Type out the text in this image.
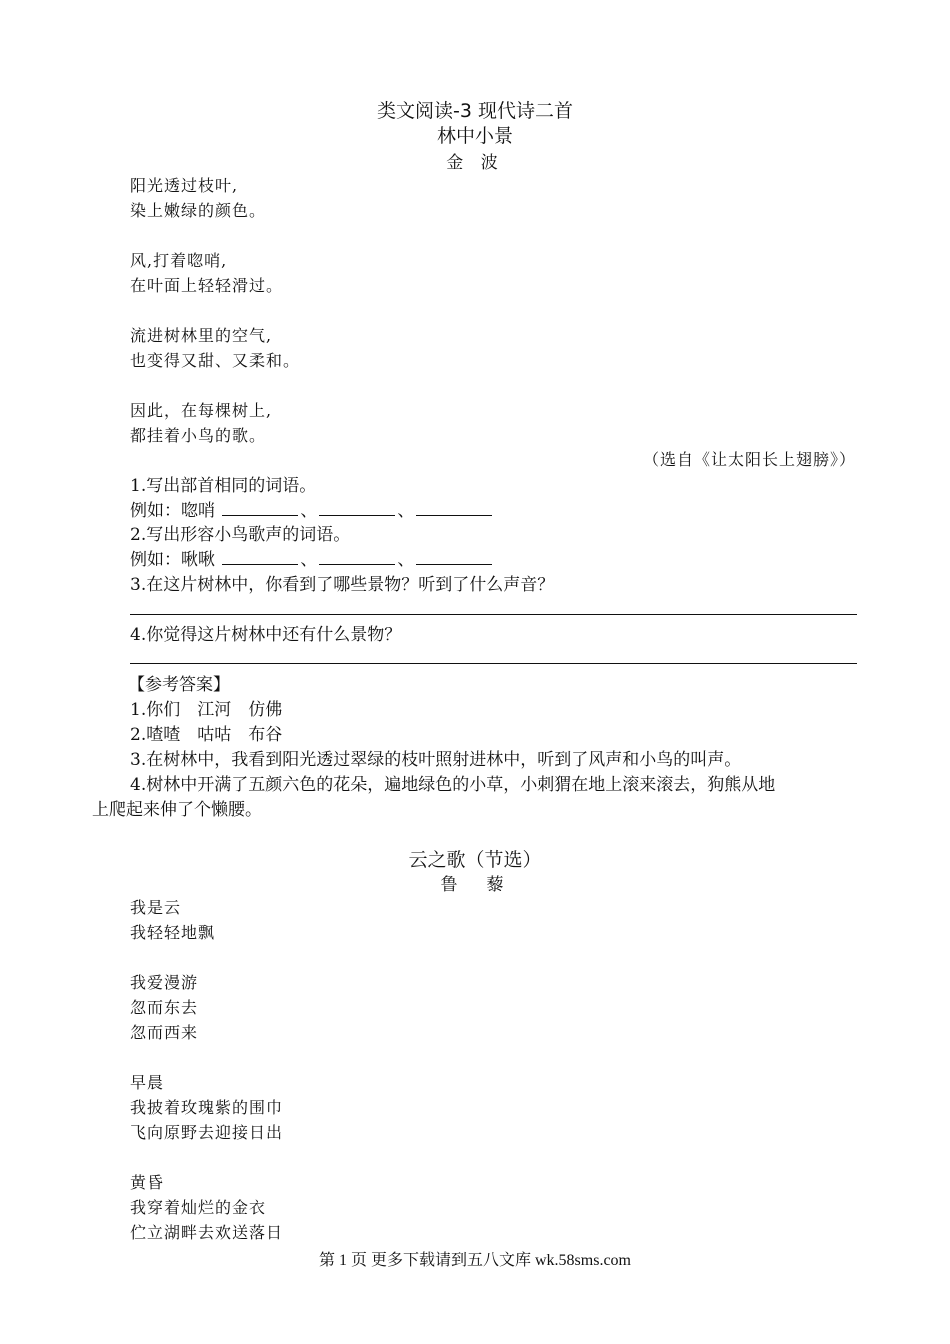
类文阅读-3 现代诗二首
林中小景
金 波
阳光透过枝叶,
染上嫩绿的颜色。
风,打着唿哨,
在叶面上轻轻滑过。
流进树林里的空气,
也变得又甜、又柔和。
因此，在每棵树上,
都挂着小鸟的歌。
（选自《让太阳长上翅膀》）
1.写出部首相同的词语。
例如：唿哨	、	、
2.写出形容小鸟歌声的词语。
例如：啾啾	、	、
3.在这片树林中，你看到了哪些景物？听到了什么声音？
4.你觉得这片树林中还有什么景物？
【参考答案】
1.你们　江河　仿佛
2.喳喳　咕咕　布谷
3.在树林中，我看到阳光透过翠绿的枝叶照射进林中，听到了风声和小鸟的叫声。
4.树林中开满了五颜六色的花朵，遍地绿色的小草，小刺猬在地上滚来滚去，狗熊从地
上爬起来伸了个懒腰。
云之歌（节选）
鲁　藜
我是云
我轻轻地飘
我爱漫游
忽而东去
忽而西来
早晨
我披着玫瑰紫的围巾
飞向原野去迎接日出
黄昏
我穿着灿烂的金衣
伫立湖畔去欢送落日
第 1 页 更多下载请到五八文库 wk.58sms.com
